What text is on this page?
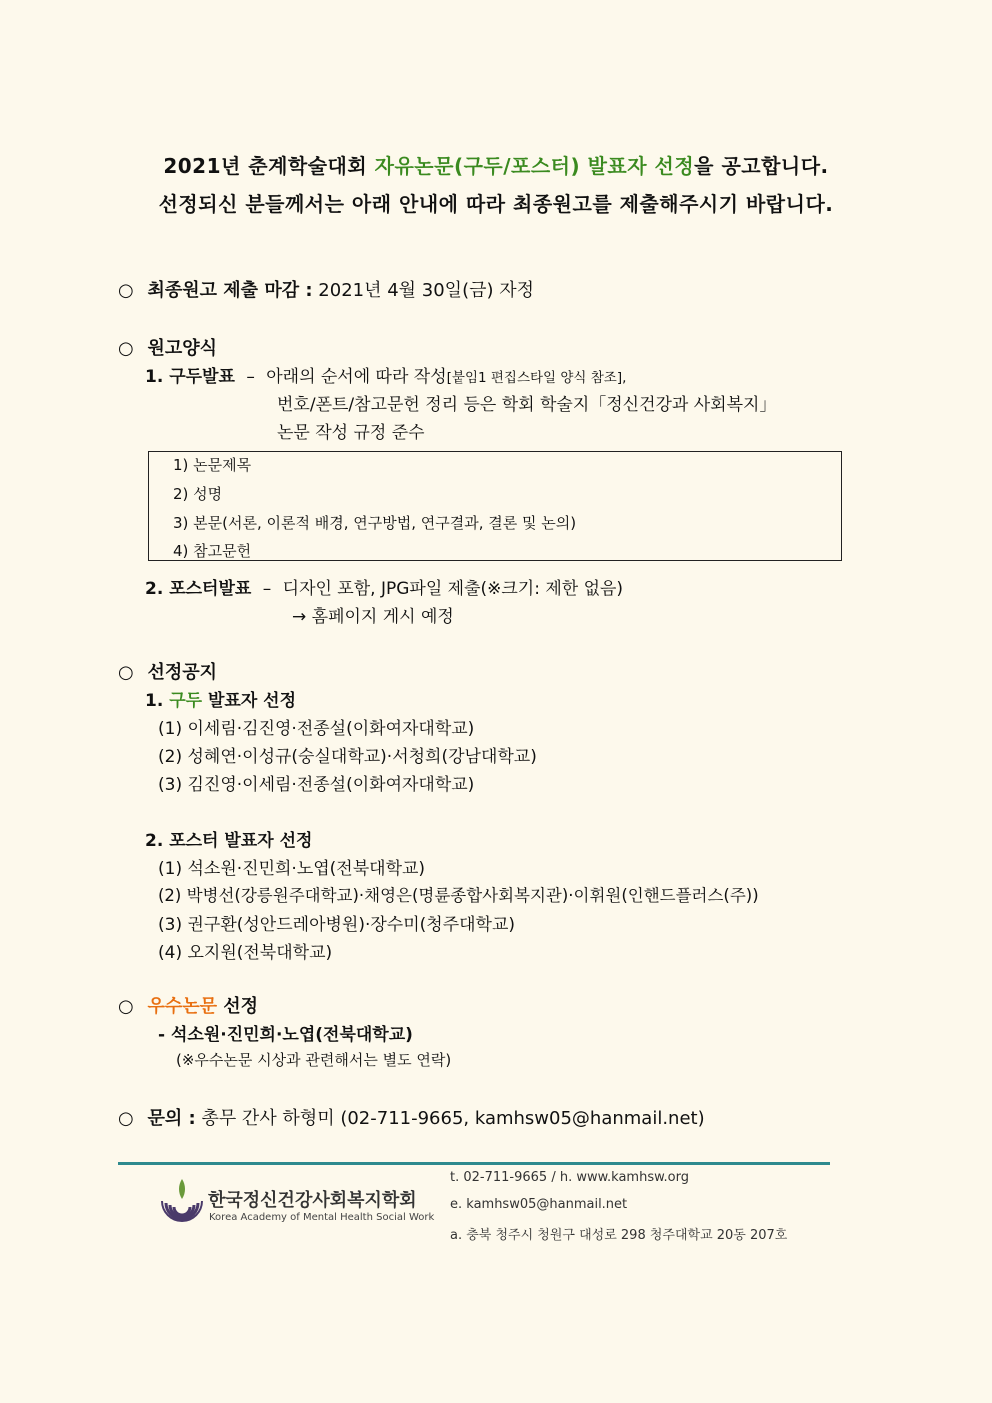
2021년 춘계학술대회 자유논문(구두/포스터) 발표자 선정을 공고합니다.
선정되신 분들께서는 아래 안내에 따라 최종원고를 제출해주시기 바랍니다.
○ 최종원고 제출 마감 : 2021년 4월 30일(금) 자정
○ 원고양식
1. 구두발표 – 아래의 순서에 따라 작성[붙임1 편집스타일 양식 참조],
번호/폰트/참고문헌 정리 등은 학회 학술지「정신건강과 사회복지」
논문 작성 규정 준수
1) 논문제목
2) 성명
3) 본문(서론, 이론적 배경, 연구방법, 연구결과, 결론 및 논의)
4) 참고문헌
2. 포스터발표 – 디자인 포함, JPG파일 제출(※크기: 제한 없음)
→ 홈페이지 게시 예정
○ 선정공지
1. 구두 발표자 선정
(1) 이세림·김진영·전종설(이화여자대학교)
(2) 성혜연·이성규(숭실대학교)·서청희(강남대학교)
(3) 김진영·이세림·전종설(이화여자대학교)
2. 포스터 발표자 선정
(1) 석소원·진민희·노엽(전북대학교)
(2) 박병선(강릉원주대학교)·채영은(명륜종합사회복지관)·이휘원(인핸드플러스(주))
(3) 권구환(성안드레아병원)·장수미(청주대학교)
(4) 오지원(전북대학교)
○ 우수논문 선정
- 석소원·진민희·노엽(전북대학교)
(※우수논문 시상과 관련해서는 별도 연락)
○ 문의 : 총무 간사 하형미 (02-711-9665, kamhsw05@hanmail.net)
한국정신건강사회복지학회
Korea Academy of Mental Health Social Work
t. 02-711-9665 / h. www.kamhsw.org
e. kamhsw05@hanmail.net
a. 충북 청주시 청원구 대성로 298 청주대학교 20동 207호
